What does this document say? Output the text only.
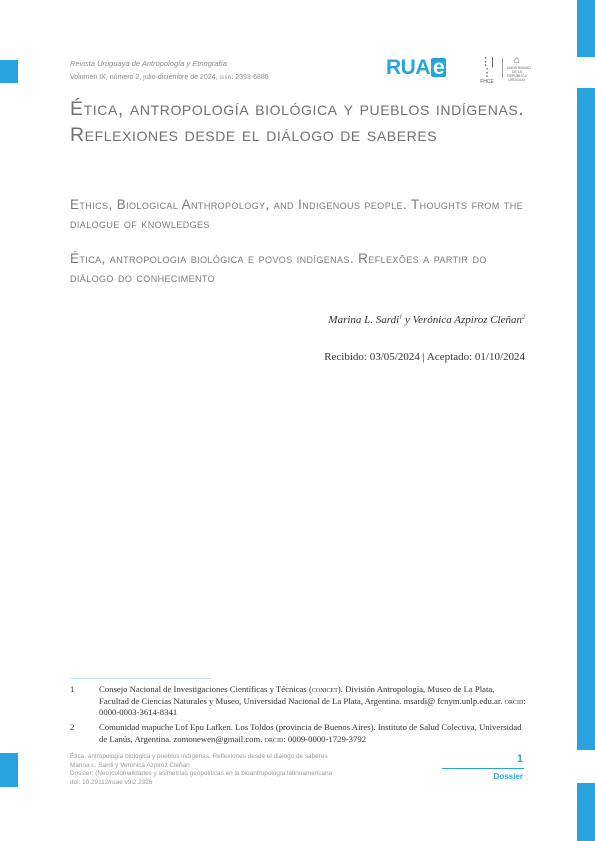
Revista Uruguaya de Antropología y Etnografía
Volumen IX, número 2, julio-diciembre de 2024, issn: 2393-6886	RUA e	⋮|⋮
FHCE
⌂
UNIVERSIDAD DE LA REPÚBLICA URUGUAY
Ética, antropología biológica y pueblos indígenas. Reflexiones desde el diálogo de saberes
Ethics, Biological Anthropology, and Indigenous people. Thoughts from the dialogue of knowledges
Ética, antropologia biológica e povos indígenas. Reflexões a partir do diálogo do conhecimento
Marina L. Sardi$^1$ y Verónica Azpiroz Cleñan$^2$
Recibido: 03/05/2024 | Aceptado: 01/10/2024
1	Consejo Nacional de Investigaciones Científicas y Técnicas (conicet). División Antropología, Museo de La Plata, Facultad de Ciencias Naturales y Museo, Universidad Nacional de La Plata, Argentina. msardi@ fcnym.unlp.edu.ar. orcid: 0000-0003-3614-8341
2	Comunidad mapuche Lof Epu Lafken. Los Toldos (provincia de Buenos Aires). Instituto de Salud Colectiva, Universidad de Lanús, Argentina. zomonewen@gmail.com. orcid: 0009-0000-1729-3792
Ética, antropología biológica y pueblos indígenas. Reflexiones desde el diálogo de saberes
Marina L. Sardi y Verónica Azpiroz Cleñan
Dossier: (Neo)colonialidades y asimetrías geopolíticas en la bioantropología latinoamericana
doi: 10.29112/ruae.v9i2.2326
1
Dossier
